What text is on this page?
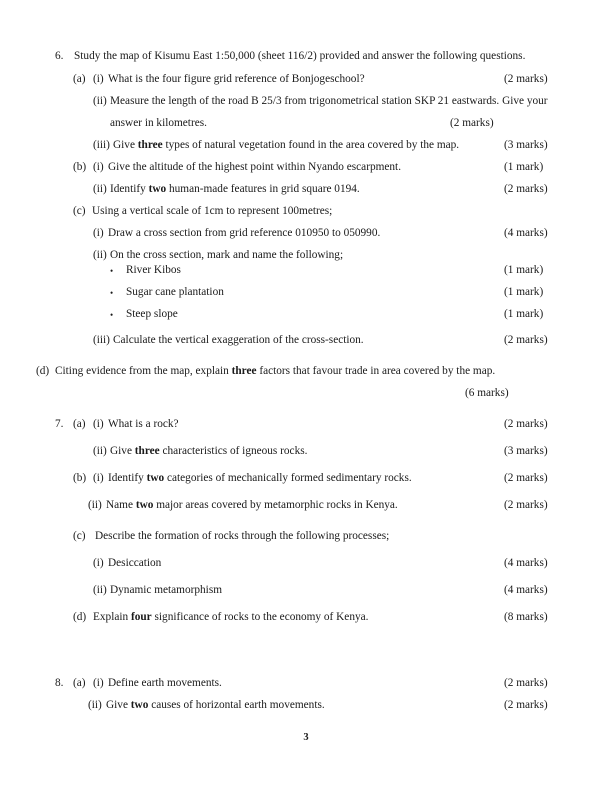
6. Study the map of Kisumu East 1:50,000 (sheet 116/2) provided and answer the following questions.
(a) (i) What is the four figure grid reference of Bonjogeschool?	(2 marks)
(ii) Measure the length of the road B 25/3 from trigonometrical station SKP 21 eastwards. Give your
answer in kilometres.	(2 marks)
(iii) Give three types of natural vegetation found in the area covered by the map.	(3 marks)
(b) (i) Give the altitude of the highest point within Nyando escarpment.	(1 mark)
(ii) Identify two human-made features in grid square 0194.	(2 marks)
(c) Using a vertical scale of 1cm to represent 100metres;
(i) Draw a cross section from grid reference 010950 to 050990.	(4 marks)
(ii) On the cross section, mark and name the following;
• River Kibos	(1 mark)
• Sugar cane plantation	(1 mark)
• Steep slope	(1 mark)
(iii) Calculate the vertical exaggeration of the cross-section.	(2 marks)
(d) Citing evidence from the map, explain three factors that favour trade in area covered by the map.
(6 marks)
7. (a) (i) What is a rock?	(2 marks)
(ii) Give three characteristics of igneous rocks.	(3 marks)
(b) (i) Identify two categories of mechanically formed sedimentary rocks.	(2 marks)
(ii) Name two major areas covered by metamorphic rocks in Kenya.	(2 marks)
(c) Describe the formation of rocks through the following processes;
(i) Desiccation	(4 marks)
(ii) Dynamic metamorphism	(4 marks)
(d) Explain four significance of rocks to the economy of Kenya.	(8 marks)
8. (a) (i) Define earth movements.	(2 marks)
(ii) Give two causes of horizontal earth movements.	(2 marks)
3
